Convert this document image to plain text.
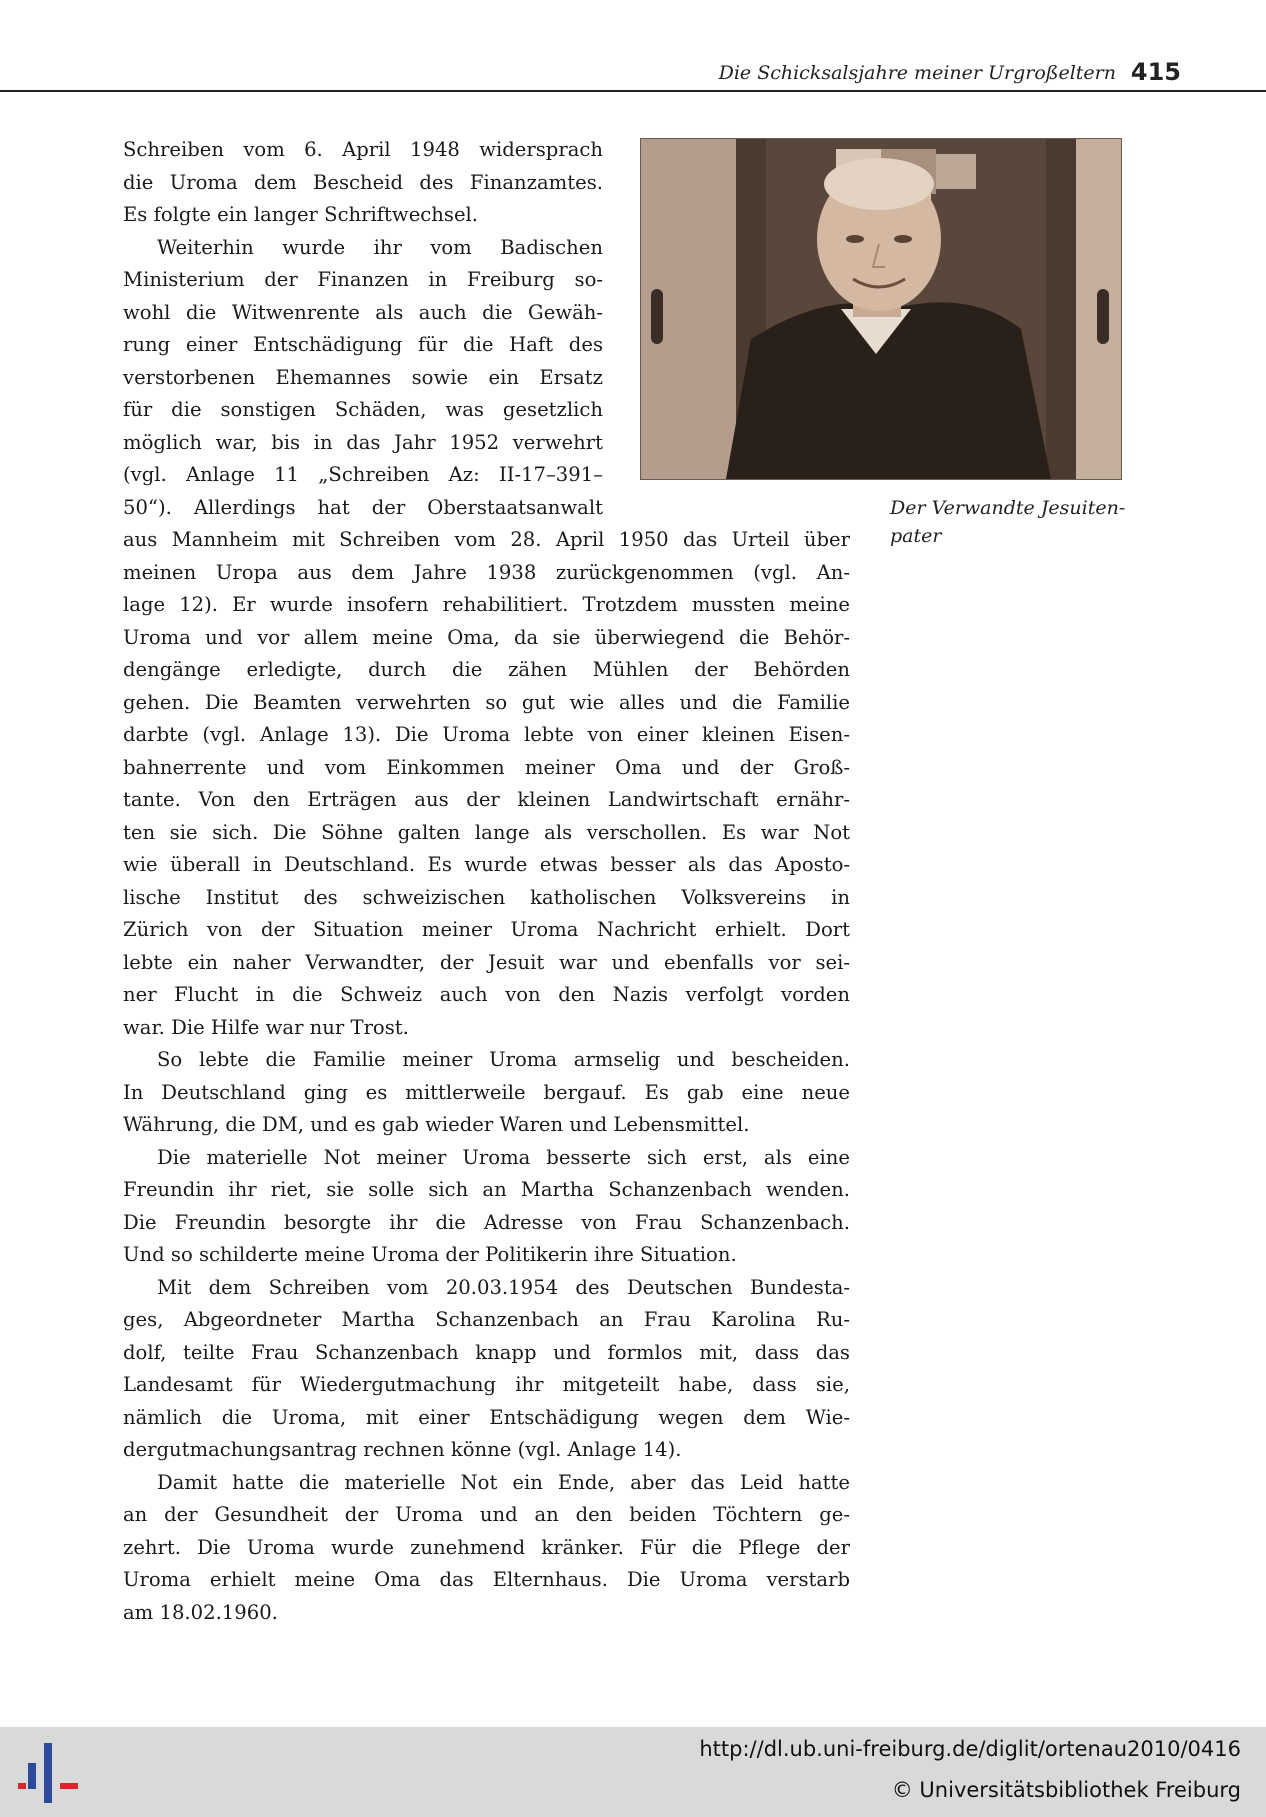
Die Schicksalsjahre meiner Urgroßeltern 415
Der Verwandte Jesuiten-
pater
Schreiben vom 6. April 1948 widersprach
die Uroma dem Bescheid des Finanzamtes.
Es folgte ein langer Schriftwechsel.
Weiterhin wurde ihr vom Badischen
Ministerium der Finanzen in Freiburg so-
wohl die Witwenrente als auch die Gewäh-
rung einer Entschädigung für die Haft des
verstorbenen Ehemannes sowie ein Ersatz
für die sonstigen Schäden, was gesetzlich
möglich war, bis in das Jahr 1952 verwehrt
(vgl. Anlage 11 „Schreiben Az: II-17–391–
50“). Allerdings hat der Oberstaatsanwalt
aus Mannheim mit Schreiben vom 28. April 1950 das Urteil über
meinen Uropa aus dem Jahre 1938 zurückgenommen (vgl. An-
lage 12). Er wurde insofern rehabilitiert. Trotzdem mussten meine
Uroma und vor allem meine Oma, da sie überwiegend die Behör-
dengänge erledigte, durch die zähen Mühlen der Behörden
gehen. Die Beamten verwehrten so gut wie alles und die Familie
darbte (vgl. Anlage 13). Die Uroma lebte von einer kleinen Eisen-
bahnerrente und vom Einkommen meiner Oma und der Groß-
tante. Von den Erträgen aus der kleinen Landwirtschaft ernähr-
ten sie sich. Die Söhne galten lange als verschollen. Es war Not
wie überall in Deutschland. Es wurde etwas besser als das Aposto-
lische Institut des schweizischen katholischen Volksvereins in
Zürich von der Situation meiner Uroma Nachricht erhielt. Dort
lebte ein naher Verwandter, der Jesuit war und ebenfalls vor sei-
ner Flucht in die Schweiz auch von den Nazis verfolgt vorden
war. Die Hilfe war nur Trost.
So lebte die Familie meiner Uroma armselig und bescheiden.
In Deutschland ging es mittlerweile bergauf. Es gab eine neue
Währung, die DM, und es gab wieder Waren und Lebensmittel.
Die materielle Not meiner Uroma besserte sich erst, als eine
Freundin ihr riet, sie solle sich an Martha Schanzenbach wenden.
Die Freundin besorgte ihr die Adresse von Frau Schanzenbach.
Und so schilderte meine Uroma der Politikerin ihre Situation.
Mit dem Schreiben vom 20.03.1954 des Deutschen Bundesta-
ges, Abgeordneter Martha Schanzenbach an Frau Karolina Ru-
dolf, teilte Frau Schanzenbach knapp und formlos mit, dass das
Landesamt für Wiedergutmachung ihr mitgeteilt habe, dass sie,
nämlich die Uroma, mit einer Entschädigung wegen dem Wie-
dergutmachungsantrag rechnen könne (vgl. Anlage 14).
Damit hatte die materielle Not ein Ende, aber das Leid hatte
an der Gesundheit der Uroma und an den beiden Töchtern ge-
zehrt. Die Uroma wurde zunehmend kränker. Für die Pflege der
Uroma erhielt meine Oma das Elternhaus. Die Uroma verstarb
am 18.02.1960.
http://dl.ub.uni-freiburg.de/diglit/ortenau2010/0416
© Universitätsbibliothek Freiburg
